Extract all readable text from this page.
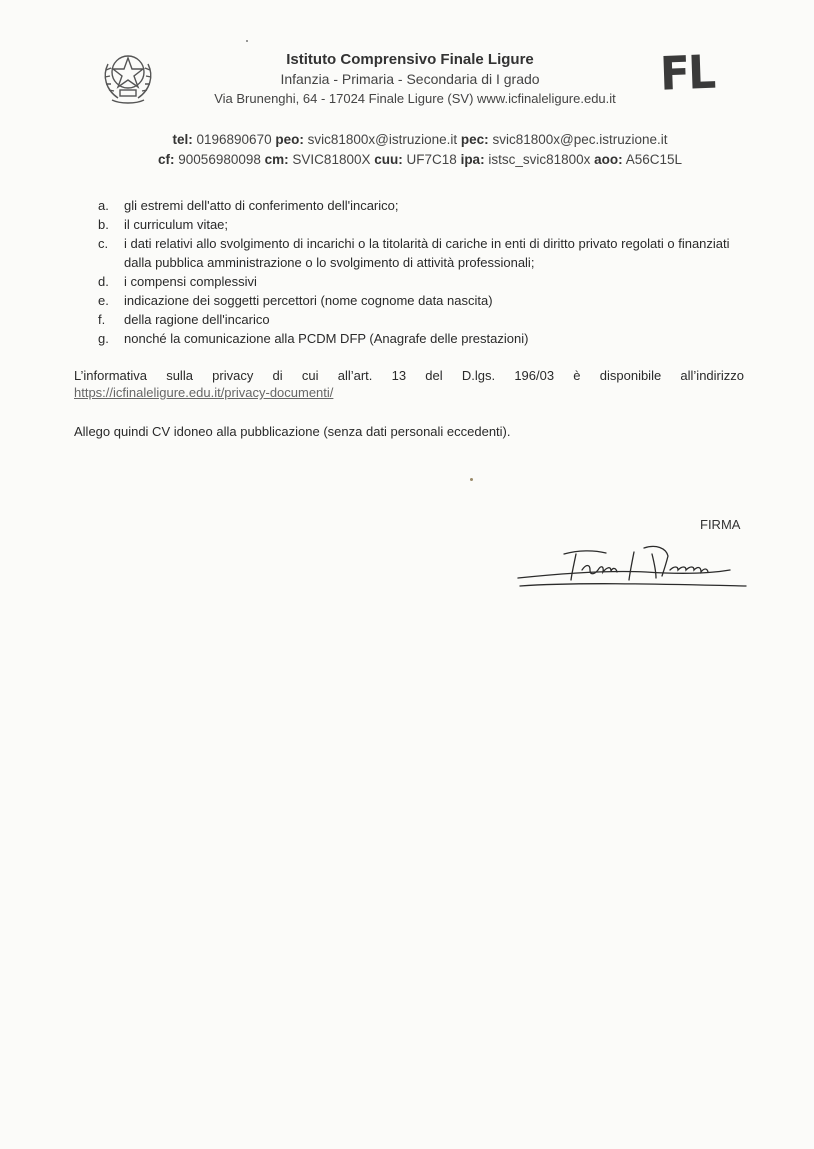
Istituto Comprensivo Finale Ligure
Infanzia - Primaria - Secondaria di I grado
Via Brunenghi, 64 - 17024 Finale Ligure (SV) www.icfinaleligure.edu.it FL
tel: 0196890670 peo: svic81800x@istruzione.it pec: svic81800x@pec.istruzione.it
cf: 90056980098 cm: SVIC81800X cuu: UF7C18 ipa: istsc_svic81800x aoo: A56C15L
a.	gli estremi dell'atto di conferimento dell'incarico;
b.	il curriculum vitae;
c.	i dati relativi allo svolgimento di incarichi o la titolarità di cariche in enti di diritto privato regolati o finanziati dalla pubblica amministrazione o lo svolgimento di attività professionali;
d.	i compensi complessivi
e.	indicazione dei soggetti percettori (nome cognome data nascita)
f.	della ragione dell'incarico
g.	nonché la comunicazione alla PCDM DFP (Anagrafe delle prestazioni)
L’informativa sulla privacy di cui all’art. 13 del D.lgs. 196/03 è disponibile all’indirizzo
https://icfinaleligure.edu.it/privacy-documenti/
Allego quindi CV idoneo alla pubblicazione (senza dati personali eccedenti).
FIRMA
